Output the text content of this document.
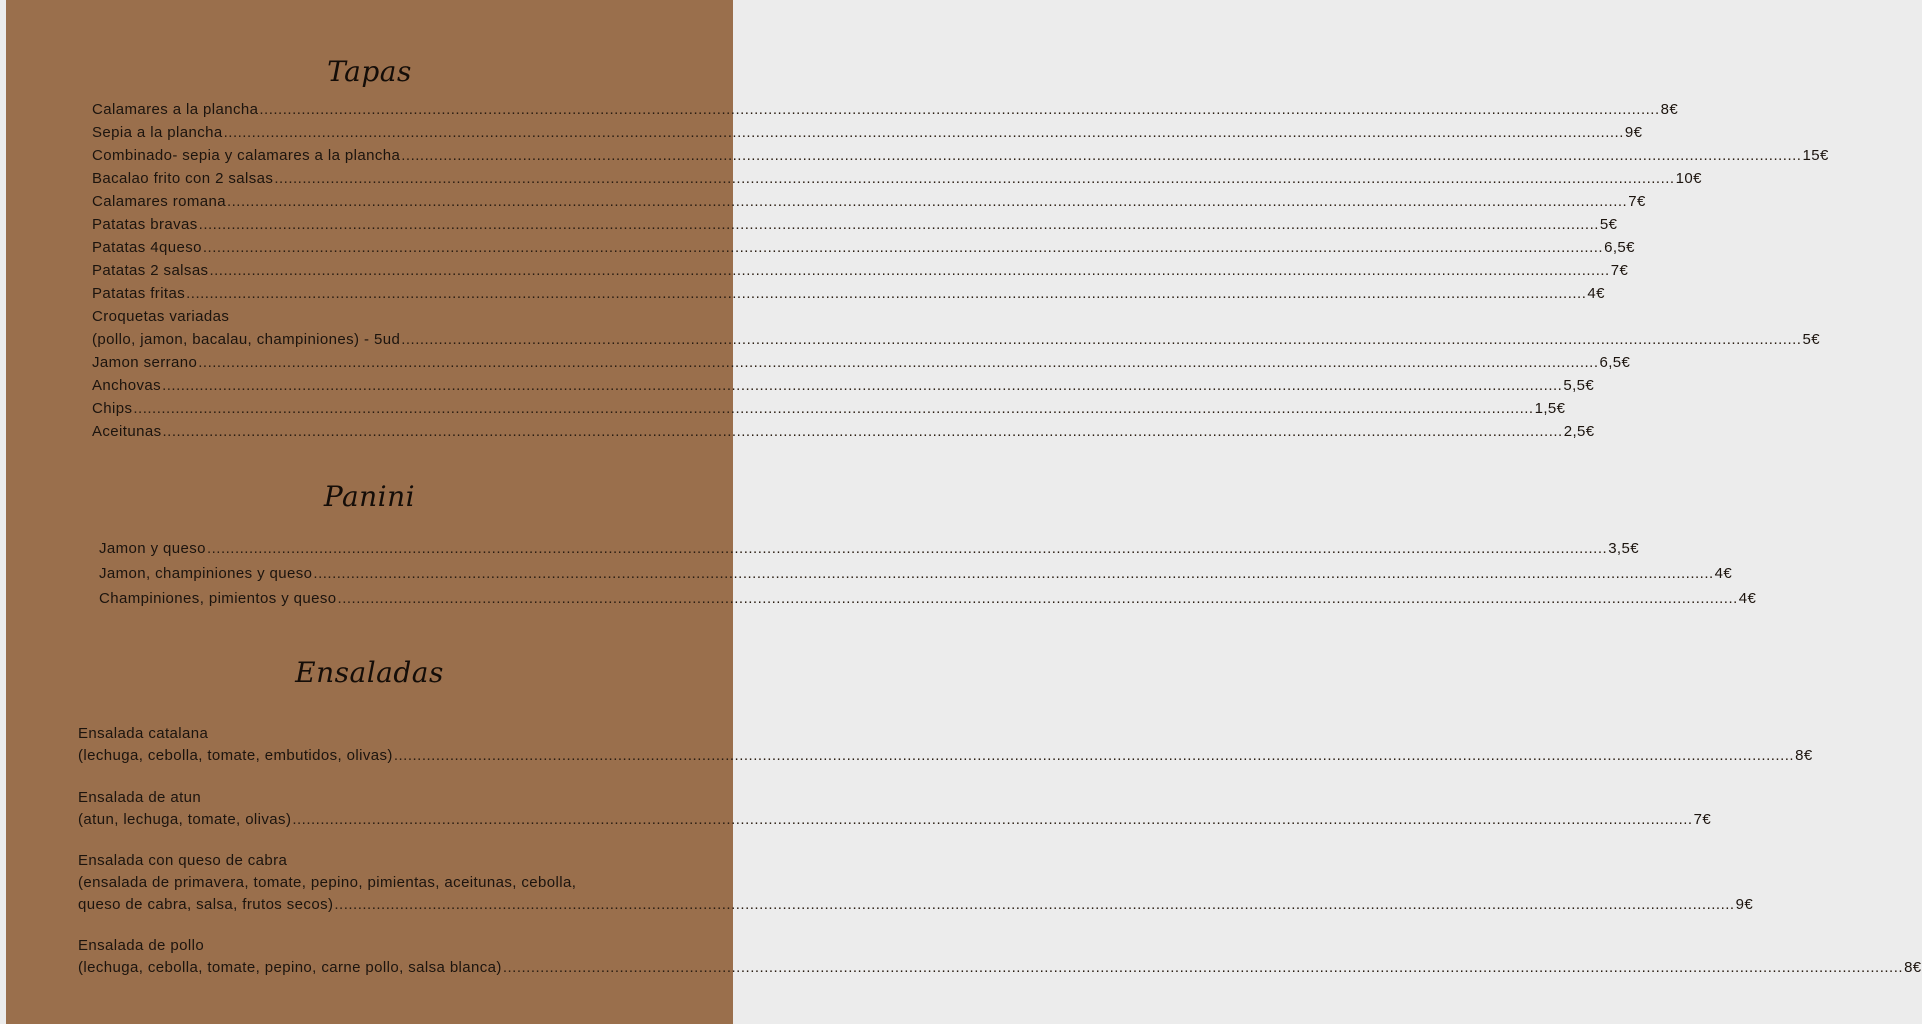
Tapas
Calamares a la plancha ............................................................................................................................................................................................................................................................................................................ 8€
Sepia a la plancha ............................................................................................................................................................................................................................................................................................................ 9€
Combinado- sepia y calamares a la plancha ............................................................................................................................................................................................................................................................................................................ 15€
Bacalao frito con 2 salsas ............................................................................................................................................................................................................................................................................................................ 10€
Calamares romana ............................................................................................................................................................................................................................................................................................................ 7€
Patatas bravas ............................................................................................................................................................................................................................................................................................................ 5€
Patatas 4queso ............................................................................................................................................................................................................................................................................................................ 6,5€
Patatas 2 salsas ............................................................................................................................................................................................................................................................................................................ 7€
Patatas fritas ............................................................................................................................................................................................................................................................................................................ 4€
Croquetas variadas
(pollo, jamon, bacalau, champiniones) - 5ud ............................................................................................................................................................................................................................................................................................................ 5€
Jamon serrano ............................................................................................................................................................................................................................................................................................................ 6,5€
Anchovas ............................................................................................................................................................................................................................................................................................................ 5,5€
Chips ............................................................................................................................................................................................................................................................................................................ 1,5€
Aceitunas ............................................................................................................................................................................................................................................................................................................ 2,5€
Panini
Jamon y queso ............................................................................................................................................................................................................................................................................................................ 3,5€
Jamon, champiniones y queso ............................................................................................................................................................................................................................................................................................................ 4€
Champiniones, pimientos y queso ............................................................................................................................................................................................................................................................................................................ 4€
Ensaladas
Ensalada catalana
(lechuga, cebolla, tomate, embutidos, olivas) ............................................................................................................................................................................................................................................................................................................ 8€
Ensalada de atun
(atun, lechuga, tomate, olivas) ............................................................................................................................................................................................................................................................................................................ 7€
Ensalada con queso de cabra
(ensalada de primavera, tomate, pepino, pimientas, aceitunas, cebolla,
queso de cabra, salsa, frutos secos) ............................................................................................................................................................................................................................................................................................................ 9€
Ensalada de pollo
(lechuga, cebolla, tomate, pepino, carne pollo, salsa blanca) ............................................................................................................................................................................................................................................................................................................ 8€
